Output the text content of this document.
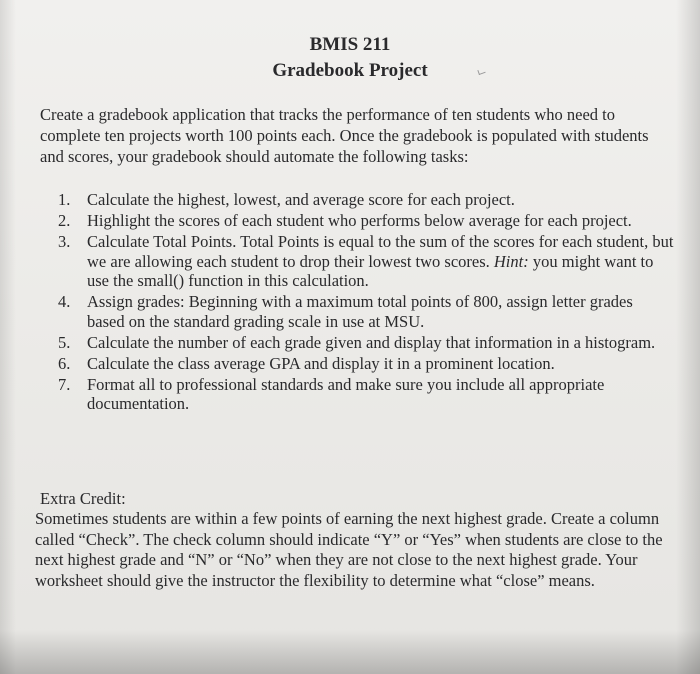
BMIS 211
Gradebook Project

Create a gradebook application that tracks the performance of ten students who need to complete ten projects worth 100 points each. Once the gradebook is populated with students and scores, your gradebook should automate the following tasks:

1. Calculate the highest, lowest, and average score for each project.
2. Highlight the scores of each student who performs below average for each project.
3. Calculate Total Points. Total Points is equal to the sum of the scores for each student, but we are allowing each student to drop their lowest two scores. Hint: you might want to use the small() function in this calculation.
4. Assign grades: Beginning with a maximum total points of 800, assign letter grades based on the standard grading scale in use at MSU.
5. Calculate the number of each grade given and display that information in a histogram.
6. Calculate the class average GPA and display it in a prominent location.
7. Format all to professional standards and make sure you include all appropriate documentation.

Extra Credit:

Sometimes students are within a few points of earning the next highest grade. Create a column called “Check”. The check column should indicate “Y” or “Yes” when students are close to the next highest grade and “N” or “No” when they are not close to the next highest grade. Your worksheet should give the instructor the flexibility to determine what “close” means.
